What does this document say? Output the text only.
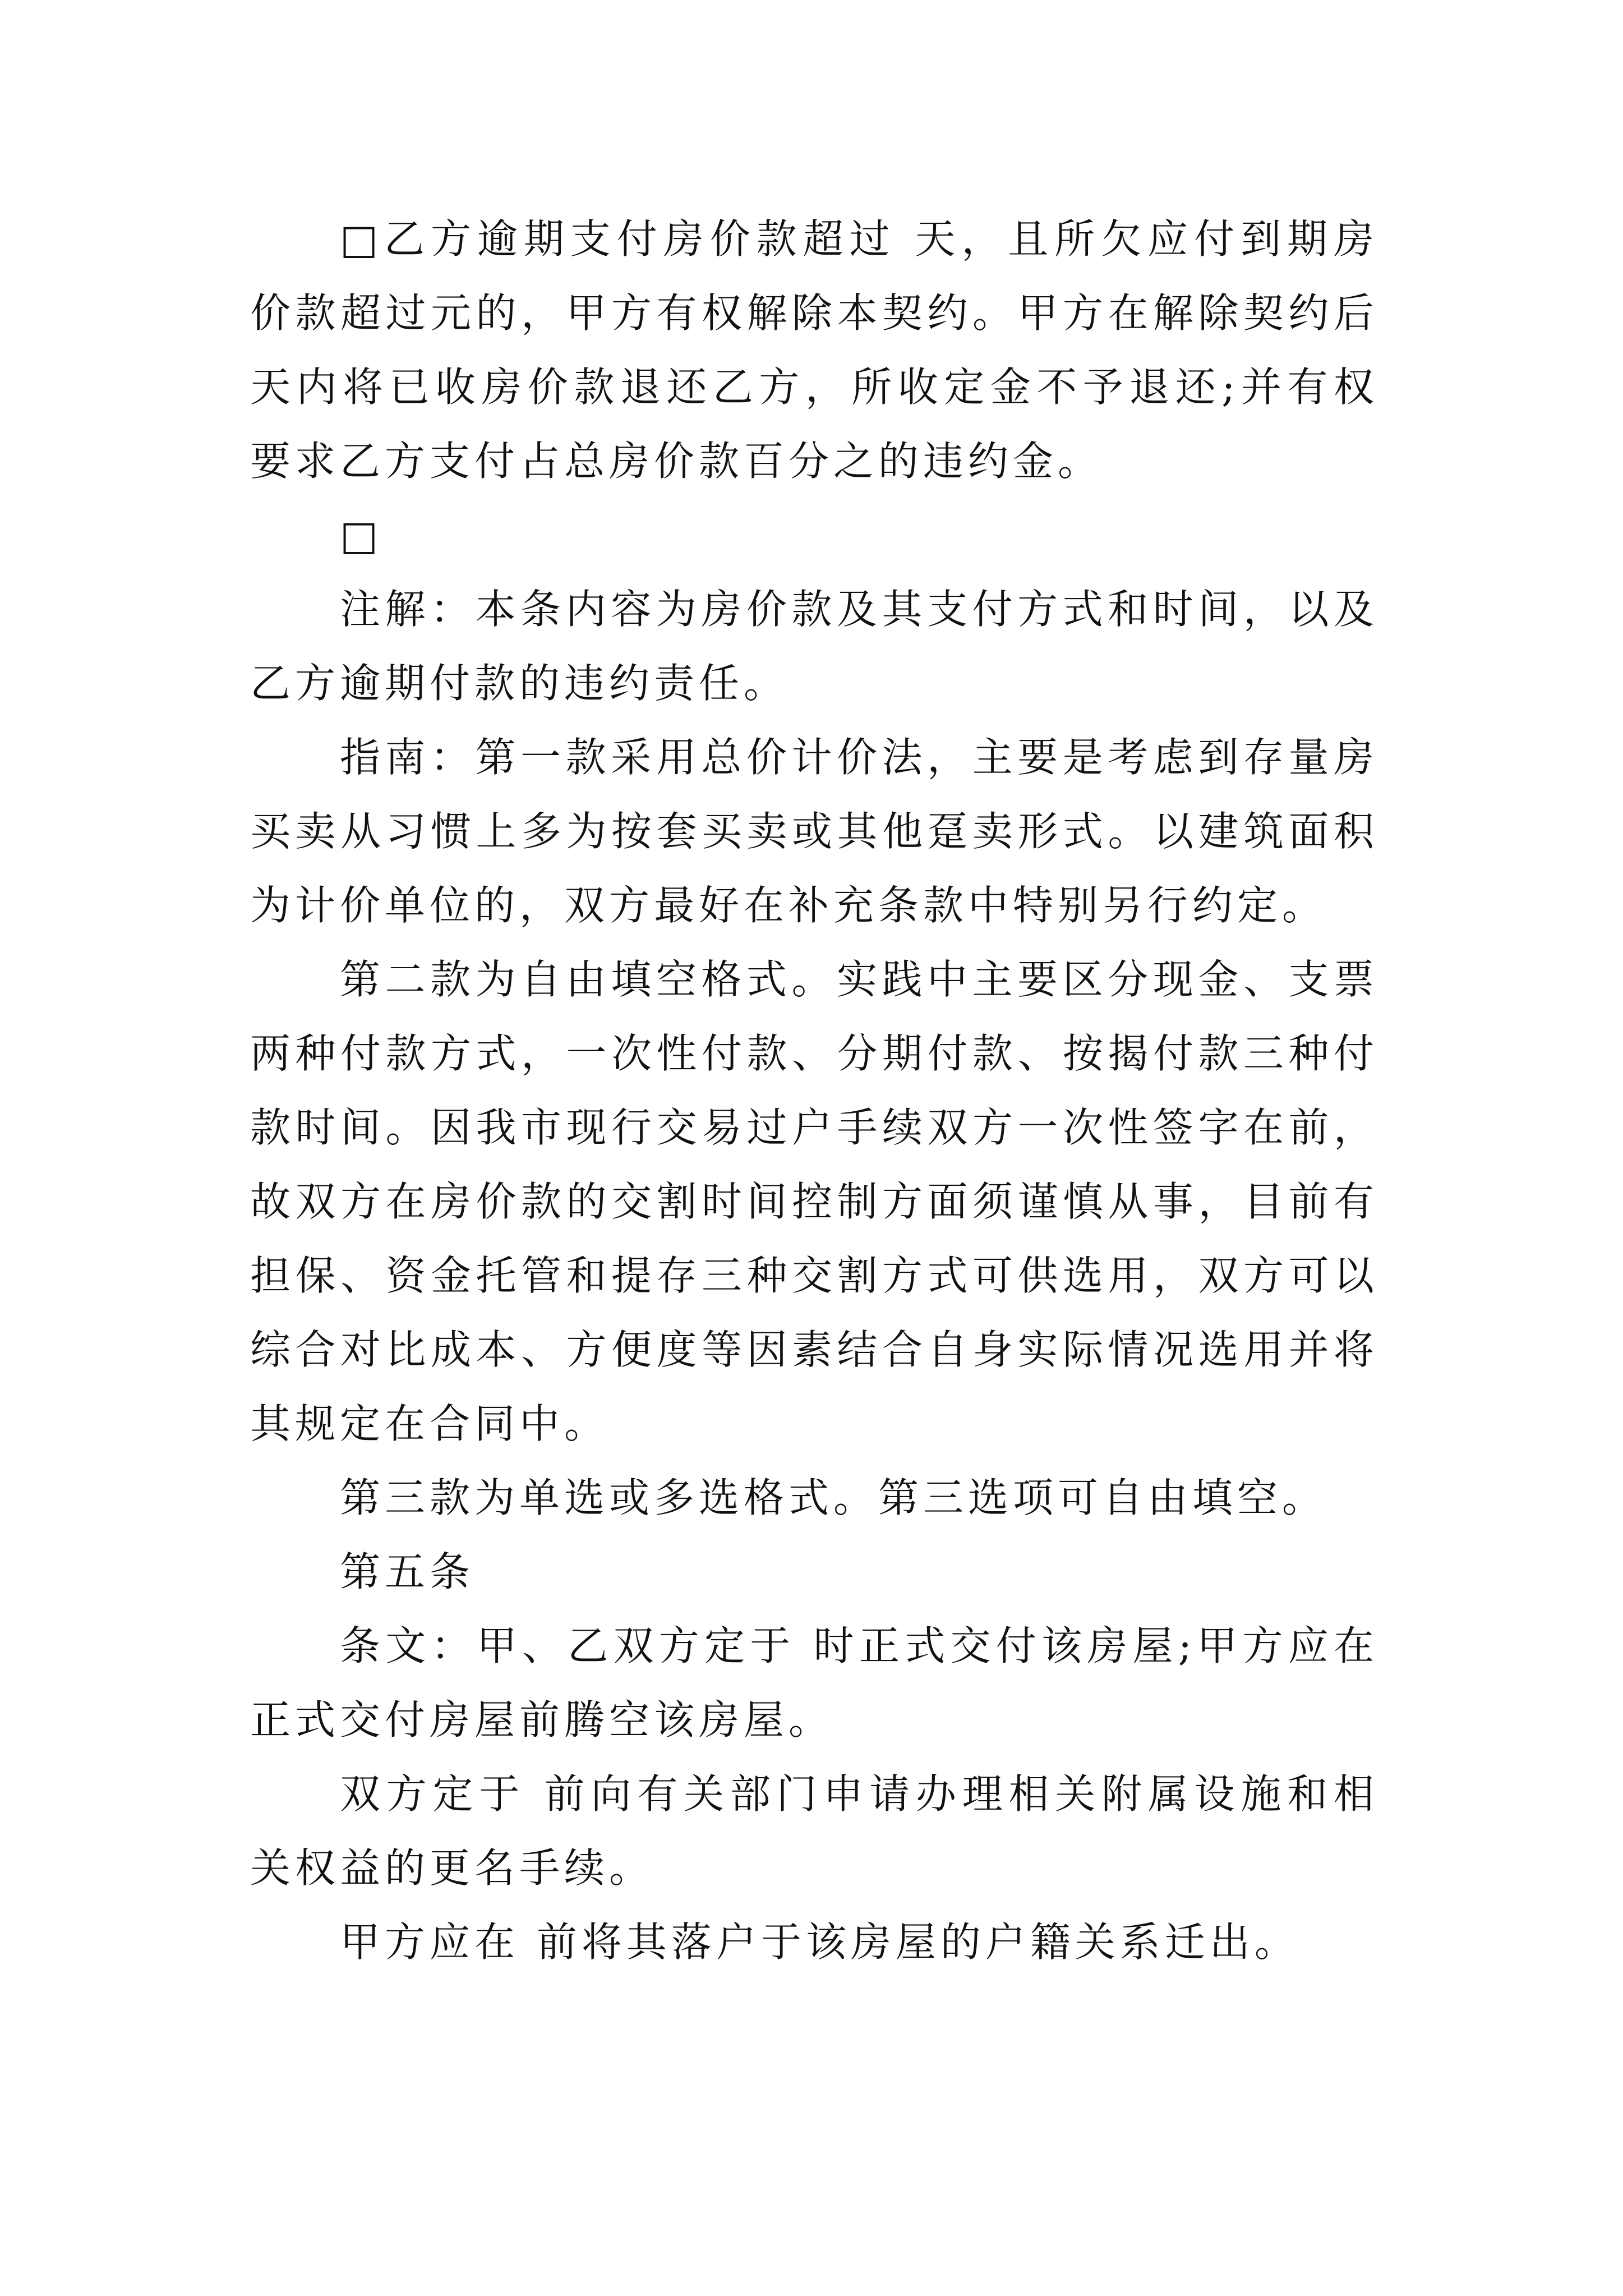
□乙方逾期支付房价款超过 天，且所欠应付到期房价款超过元的，甲方有权解除本契约。甲方在解除契约后 天内将已收房价款退还乙方，所收定金不予退还;并有权要求乙方支付占总房价款百分之的违约金。

□

注解：本条内容为房价款及其支付方式和时间，以及乙方逾期付款的违约责任。

指南：第一款采用总价计价法，主要是考虑到存量房买卖从习惯上多为按套买卖或其他趸卖形式。以建筑面积为计价单位的，双方最好在补充条款中特别另行约定。

第二款为自由填空格式。实践中主要区分现金、支票两种付款方式，一次性付款、分期付款、按揭付款三种付款时间。因我市现行交易过户手续双方一次性签字在前，故双方在房价款的交割时间控制方面须谨慎从事，目前有担保、资金托管和提存三种交割方式可供选用，双方可以综合对比成本、方便度等因素结合自身实际情况选用并将其规定在合同中。

第三款为单选或多选格式。第三选项可自由填空。

第五条

条文：甲、乙双方定于 时正式交付该房屋;甲方应在正式交付房屋前腾空该房屋。

双方定于 前向有关部门申请办理相关附属设施和相关权益的更名手续。

甲方应在 前将其落户于该房屋的户籍关系迁出。
